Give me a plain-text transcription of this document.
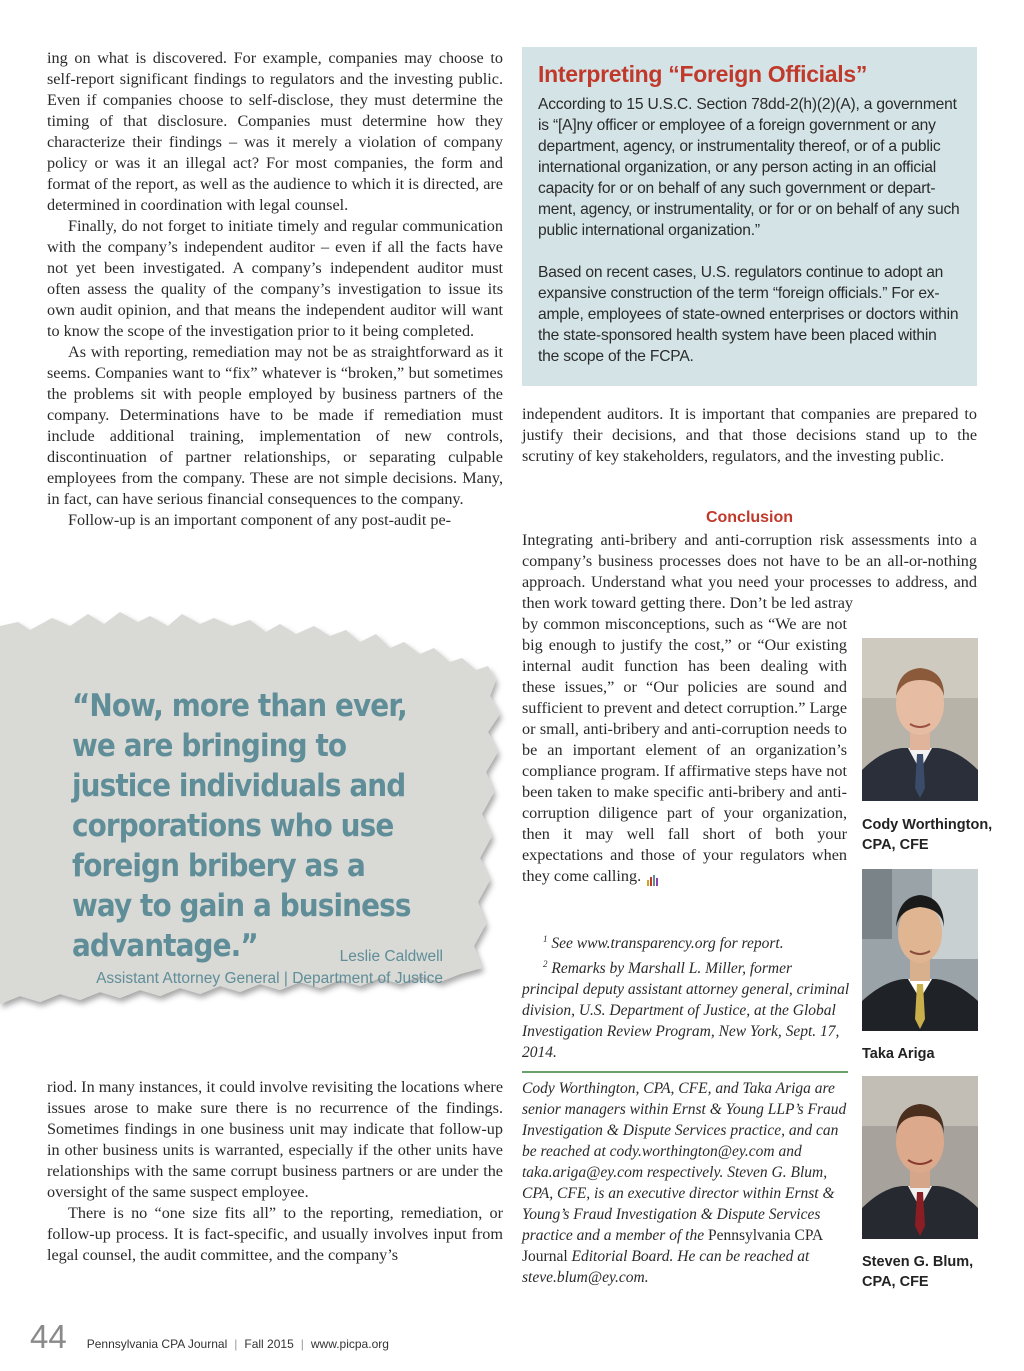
ing on what is discovered. For example, companies may choose to self-report significant findings to regulators and the investing public. Even if companies choose to self-disclose, they must determine the timing of that disclosure. Companies must determine how they characterize their findings – was it merely a violation of company policy or was it an illegal act? For most companies, the form and format of the report, as well as the audience to which it is directed, are determined in coordination with legal counsel.

Finally, do not forget to initiate timely and regular communication with the company’s independent auditor – even if all the facts have not yet been investigated. A company’s independent auditor must often assess the quality of the company’s investigation to issue its own audit opinion, and that means the independent auditor will want to know the scope of the investigation prior to it being completed.

As with reporting, remediation may not be as straightforward as it seems. Companies want to “fix” whatever is “broken,” but sometimes the problems sit with people employed by business partners of the company. Determinations have to be made if remediation must include additional training, implementation of new controls, discontinuation of partner relationships, or separating culpable employees from the company. These are not simple decisions. Many, in fact, can have serious financial consequences to the company.

Follow-up is an important component of any post-audit pe-

“Now, more than ever, we are bringing to justice individuals and corporations who use foreign bribery as a way to gain a business advantage.”	Leslie Caldwell
Assistant Attorney General | Department of Justice

riod. In many instances, it could involve revisiting the locations where issues arose to make sure there is no recurrence of the findings. Sometimes findings in one business unit may indicate that follow-up in other business units is warranted, especially if the other units have relationships with the same corrupt business partners or are under the oversight of the same suspect employee.

There is no “one size fits all” to the reporting, remediation, or follow-up process. It is fact-specific, and usually involves input from legal counsel, the audit committee, and the company’s

Interpreting “Foreign Officials”

According to 15 U.S.C. Section 78dd-2(h)(2)(A), a government is “[A]ny officer or employee of a foreign government or any department, agency, or instrumentality thereof, or of a public international organization, or any person acting in an official capacity for or on behalf of any such government or department, agency, or instrumentality, or for or on behalf of any such public international organization.”

Based on recent cases, U.S. regulators continue to adopt an expansive construction of the term “foreign officials.” For example, employees of state-owned enterprises or doctors within the state-sponsored health system have been placed within the scope of the FCPA.

independent auditors. It is important that companies are prepared to justify their decisions, and that those decisions stand up to the scrutiny of key stakeholders, regulators, and the investing public.

Conclusion

Integrating anti-bribery and anti-corruption risk assessments into a company’s business processes does not have to be an all-or-nothing approach. Understand what you need your processes to address, and then work toward getting there. Don’t be led astray

by common misconceptions, such as “We are not big enough to justify the cost,” or “Our existing internal audit function has been dealing with these issues,” or “Our policies are sound and sufficient to prevent and detect corruption.” Large or small, anti-bribery and anti-corruption needs to be an important element of an organization’s compliance program. If affirmative steps have not been taken to make specific anti-bribery and anti-corruption diligence part of your organization, then it may well fall short of both your expectations and those of your regulators when they come calling.

$^1$ See www.transparency.org for report.

$^2$ Remarks by Marshall L. Miller, former principal deputy assistant attorney general, criminal division, U.S. Department of Justice, at the Global Investigation Review Program, New York, Sept. 17, 2014.

Cody Worthington, CPA, CFE, and Taka Ariga are senior managers within Ernst & Young LLP’s Fraud Investigation & Dispute Services practice, and can be reached at cody.worthington@ey.com and taka.ariga@ey.com respectively. Steven G. Blum, CPA, CFE, is an executive director within Ernst & Young’s Fraud Investigation & Dispute Services practice and a member of the Pennsylvania CPA Journal Editorial Board. He can be reached at steve.blum@ey.com.

Cody Worthington,
CPA, CFE
Taka Ariga
Steven G. Blum,
CPA, CFE
44 Pennsylvania CPA Journal | Fall 2015 | www.picpa.org
